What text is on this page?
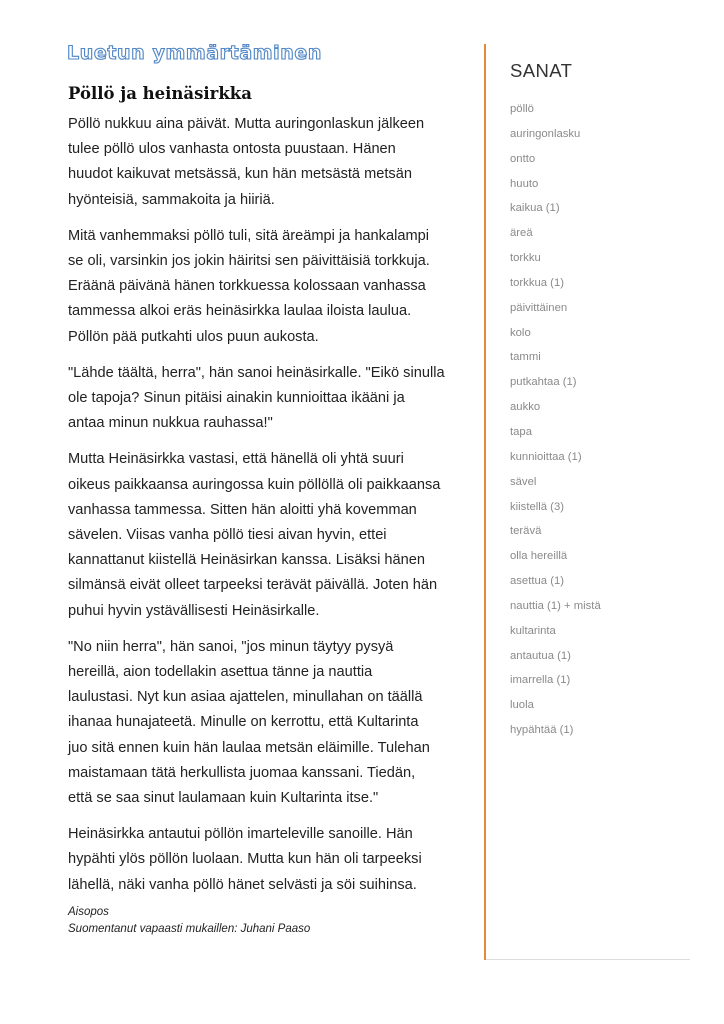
Luetun ymmärtäminen
Pöllö ja heinäsirkka

Pöllö nukkuu aina päivät. Mutta auringonlaskun jälkeen
tulee pöllö ulos vanhasta ontosta puustaan. Hänen
huudot kaikuvat metsässä, kun hän metsästä metsän
hyönteisiä, sammakoita ja hiiriä.

Mitä vanhemmaksi pöllö tuli, sitä äreämpi ja hankalampi
se oli, varsinkin jos jokin häiritsi sen päivittäisiä torkkuja.
Eräänä päivänä hänen torkkuessa kolossaan vanhassa
tammessa alkoi eräs heinäsirkka laulaa iloista laulua.
Pöllön pää putkahti ulos puun aukosta.

"Lähde täältä, herra", hän sanoi heinäsirkalle. "Eikö sinulla
ole tapoja? Sinun pitäisi ainakin kunnioittaa ikääni ja
antaa minun nukkua rauhassa!"

Mutta Heinäsirkka vastasi, että hänellä oli yhtä suuri
oikeus paikkaansa auringossa kuin pöllöllä oli paikkaansa
vanhassa tammessa. Sitten hän aloitti yhä kovemman
sävelen. Viisas vanha pöllö tiesi aivan hyvin, ettei
kannattanut kiistellä Heinäsirkan kanssa. Lisäksi hänen
silmänsä eivät olleet tarpeeksi terävät päivällä. Joten hän
puhui hyvin ystävällisesti Heinäsirkalle.

"No niin herra", hän sanoi, "jos minun täytyy pysyä
hereillä, aion todellakin asettua tänne ja nauttia
laulustasi. Nyt kun asiaa ajattelen, minullahan on täällä
ihanaa hunajateetä. Minulle on kerrottu, että Kultarinta
juo sitä ennen kuin hän laulaa metsän eläimille. Tulehan
maistamaan tätä herkullista juomaa kanssani. Tiedän,
että se saa sinut laulamaan kuin Kultarinta itse."

Heinäsirkka antautui pöllön imarteleville sanoille. Hän
hypähti ylös pöllön luolaan. Mutta kun hän oli tarpeeksi
lähellä, näki vanha pöllö hänet selvästi ja söi suihinsa.

Aisopos
Suomentanut vapaasti mukaillen: Juhani Paaso
SANAT
pöllö
auringonlasku
ontto
huuto
kaikua (1)
äreä
torkku
torkkua (1)
päivittäinen
kolo
tammi
putkahtaa (1)
aukko
tapa
kunnioittaa (1)
sävel
kiistellä (3)
terävä
olla hereillä
asettua (1)
nauttia (1) + mistä
kultarinta
antautua (1)
imarrella (1)
luola
hypähtää (1)
